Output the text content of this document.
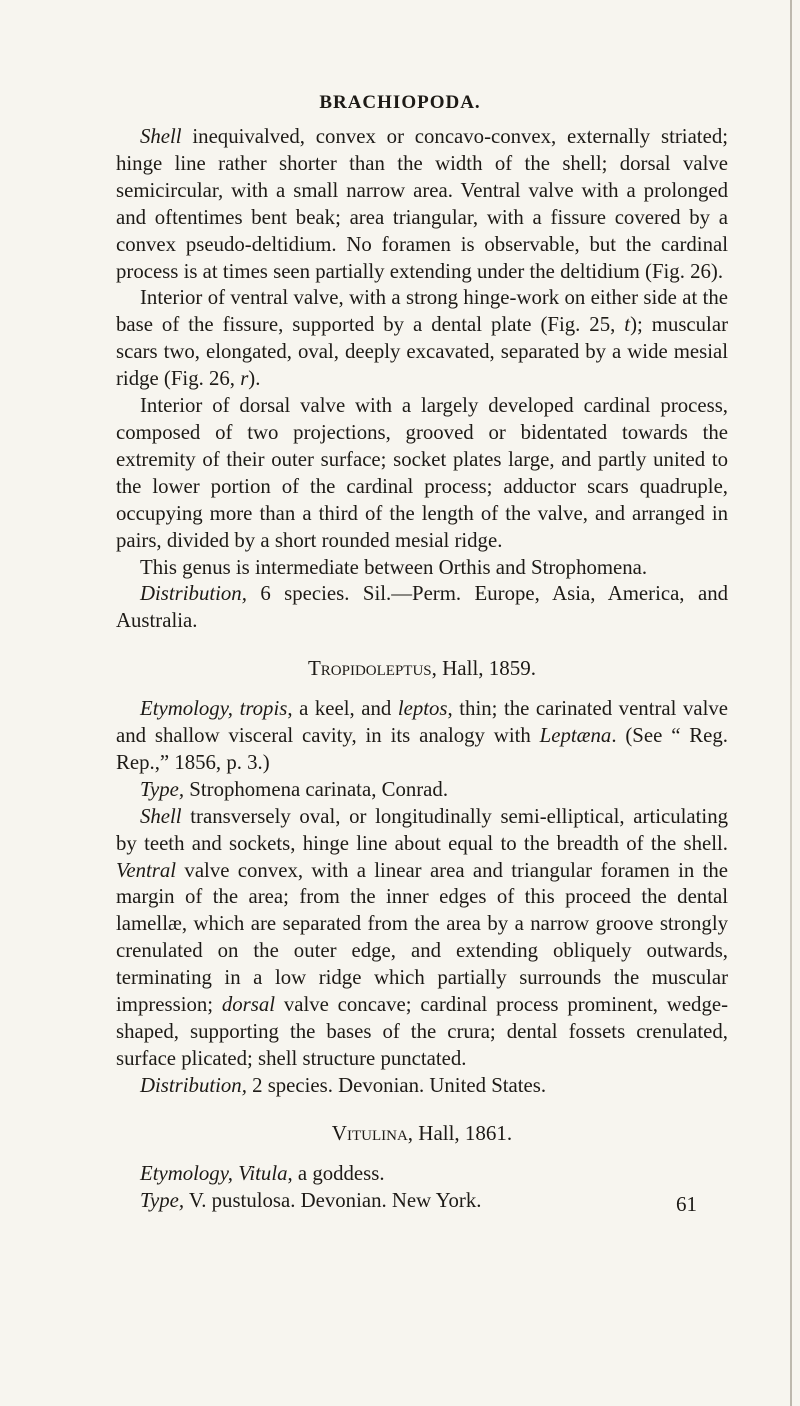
BRACHIOPODA.

Shell inequivalved, convex or concavo-convex, externally striated; hinge line rather shorter than the width of the shell; dorsal valve semicircular, with a small narrow area. Ventral valve with a prolonged and oftentimes bent beak; area triangular, with a fissure covered by a convex pseudo-deltidium. No foramen is observable, but the cardinal process is at times seen partially extending under the deltidium (Fig. 26).

Interior of ventral valve, with a strong hinge-work on either side at the base of the fissure, supported by a dental plate (Fig. 25, t); muscular scars two, elongated, oval, deeply excavated, separated by a wide mesial ridge (Fig. 26, r).

Interior of dorsal valve with a largely developed cardinal process, composed of two projections, grooved or bidentated towards the extremity of their outer surface; socket plates large, and partly united to the lower portion of the cardinal process; adductor scars quadruple, occupying more than a third of the length of the valve, and arranged in pairs, divided by a short rounded mesial ridge.

This genus is intermediate between Orthis and Strophomena.

Distribution, 6 species. Sil.—Perm. Europe, Asia, America, and Australia.

Tropidoleptus, Hall, 1859.

Etymology, tropis, a keel, and leptos, thin; the carinated ventral valve and shallow visceral cavity, in its analogy with Leptæna. (See “ Reg. Rep.,” 1856, p. 3.)

Type, Strophomena carinata, Conrad.

Shell transversely oval, or longitudinally semi-elliptical, articulating by teeth and sockets, hinge line about equal to the breadth of the shell. Ventral valve convex, with a linear area and triangular foramen in the margin of the area; from the inner edges of this proceed the dental lamellæ, which are separated from the area by a narrow groove strongly crenulated on the outer edge, and extending obliquely outwards, terminating in a low ridge which partially surrounds the muscular impression; dorsal valve concave; cardinal process prominent, wedge-shaped, supporting the bases of the crura; dental fossets crenulated, surface plicated; shell structure punctated.

Distribution, 2 species. Devonian. United States.

Vitulina, Hall, 1861.

Etymology, Vitula, a goddess.

Type, V. pustulosa. Devonian. New York.	61
